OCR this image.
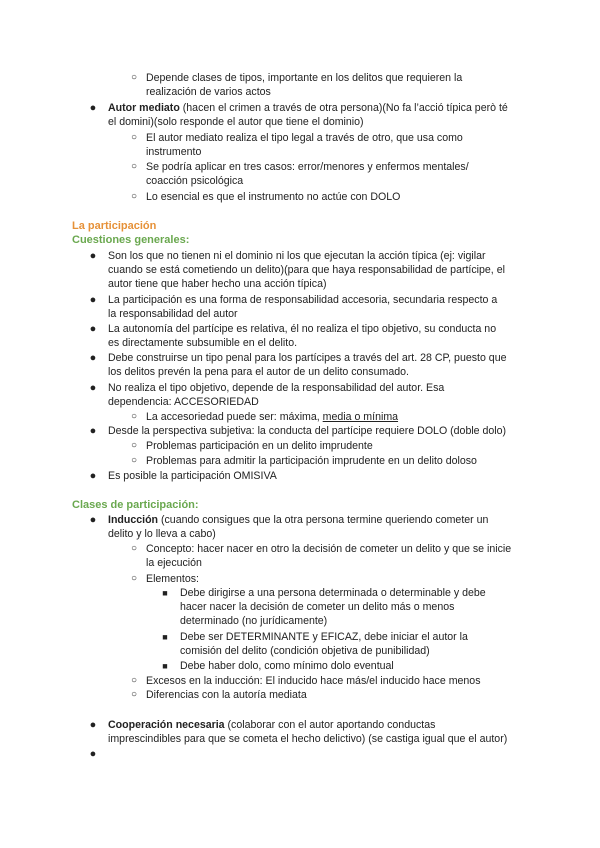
○ Depende clases de tipos, importante en los delitos que requieren la
realización de varios actos
● Autor mediato (hacen el crimen a través de otra persona)(No fa l’acció típica però té
el domini)(solo responde el autor que tiene el dominio)
○ El autor mediato realiza el tipo legal a través de otro, que usa como
instrumento
○ Se podría aplicar en tres casos: error/menores y enfermos mentales/
coacción psicológica
○ Lo esencial es que el instrumento no actúe con DOLO
La participación
Cuestiones generales:
● Son los que no tienen ni el dominio ni los que ejecutan la acción típica (ej: vigilar
cuando se está cometiendo un delito)(para que haya responsabilidad de partícipe, el
autor tiene que haber hecho una acción típica)
● La participación es una forma de responsabilidad accesoria, secundaria respecto a
la responsabilidad del autor
● La autonomía del partícipe es relativa, él no realiza el tipo objetivo, su conducta no
es directamente subsumible en el delito.
● Debe construirse un tipo penal para los partícipes a través del art. 28 CP, puesto que
los delitos prevén la pena para el autor de un delito consumado.
● No realiza el tipo objetivo, depende de la responsabilidad del autor. Esa
dependencia: ACCESORIEDAD
○ La accesoriedad puede ser: máxima, media o mínima
● Desde la perspectiva subjetiva: la conducta del partícipe requiere DOLO (doble dolo)
○ Problemas participación en un delito imprudente
○ Problemas para admitir la participación imprudente en un delito doloso
● Es posible la participación OMISIVA
Clases de participación:
● Inducción (cuando consigues que la otra persona termine queriendo cometer un
delito y lo lleva a cabo)
○ Concepto: hacer nacer en otro la decisión de cometer un delito y que se inicie
la ejecución
○ Elementos:
■ Debe dirigirse a una persona determinada o determinable y debe
hacer nacer la decisión de cometer un delito más o menos
determinado (no jurídicamente)
■ Debe ser DETERMINANTE y EFICAZ, debe iniciar el autor la
comisión del delito (condición objetiva de punibilidad)
■ Debe haber dolo, como mínimo dolo eventual
○ Excesos en la inducción: El inducido hace más/el inducido hace menos
○ Diferencias con la autoría mediata
● Cooperación necesaria (colaborar con el autor aportando conductas
imprescindibles para que se cometa el hecho delictivo) (se castiga igual que el autor)
●
